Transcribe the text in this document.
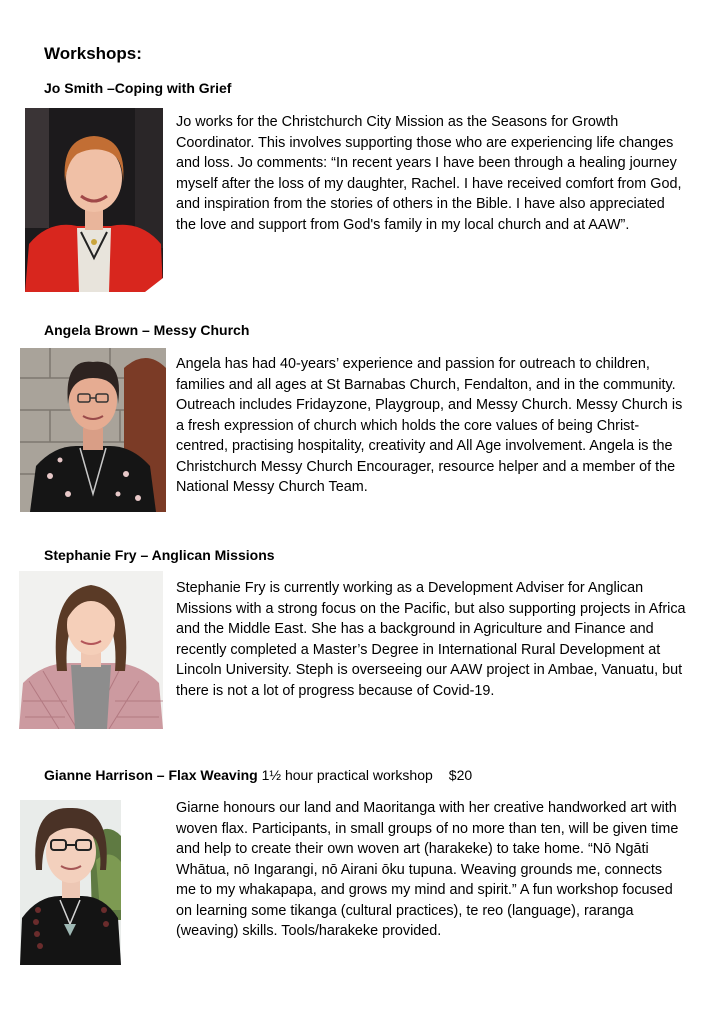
Workshops:
Jo Smith –Coping with Grief

Jo works for the Christchurch City Mission as the Seasons for Growth Coordinator. This involves supporting those who are experiencing life changes and loss. Jo comments: “In recent years I have been through a healing journey myself after the loss of my daughter, Rachel. I have received comfort from God, and inspiration from the stories of others in the Bible. I have also appreciated the love and support from God's family in my local church and at AAW”.

Angela Brown – Messy Church

Angela has had 40-years’ experience and passion for outreach to children, families and all ages at St Barnabas Church, Fendalton, and in the community. Outreach includes Fridayzone, Playgroup, and Messy Church. Messy Church is a fresh expression of church which holds the core values of being Christ-centred, practising hospitality, creativity and All Age involvement. Angela is the Christchurch Messy Church Encourager, resource helper and a member of the National Messy Church Team.

Stephanie Fry – Anglican Missions

Stephanie Fry is currently working as a Development Adviser for Anglican Missions with a strong focus on the Pacific, but also supporting projects in Africa and the Middle East. She has a background in Agriculture and Finance and recently completed a Master’s Degree in International Rural Development at Lincoln University. Steph is overseeing our AAW project in Ambae, Vanuatu, but there is not a lot of progress because of Covid-19.

Gianne Harrison – Flax Weaving 1½ hour practical workshop $20

Giarne honours our land and Maoritanga with her creative handworked art with woven flax. Participants, in small groups of no more than ten, will be given time and help to create their own woven art (harakeke) to take home. “Nō Ngāti Whātua, nō Ingarangi, nō Airani ōku tupuna. Weaving grounds me, connects me to my whakapapa, and grows my mind and spirit.” A fun workshop focused on learning some tikanga (cultural practices), te reo (language), raranga (weaving) skills. Tools/harakeke provided.
